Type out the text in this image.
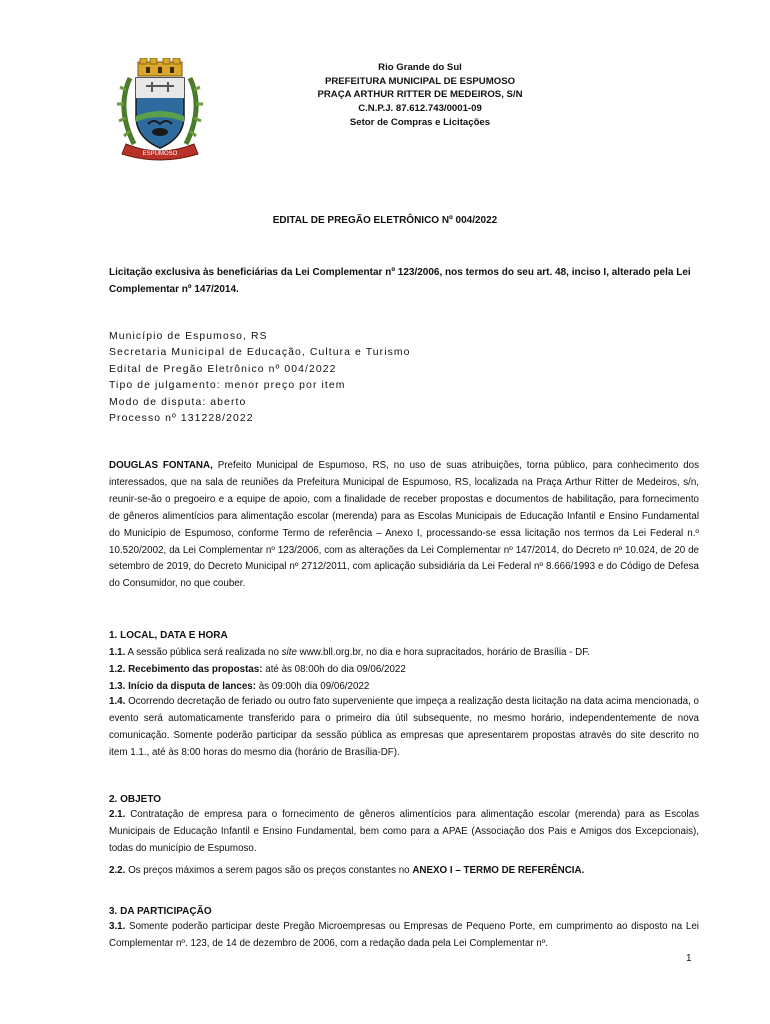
ESPUMOSO
Rio Grande do Sul
PREFEITURA MUNICIPAL DE ESPUMOSO
PRAÇA ARTHUR RITTER DE MEDEIROS, S/N
C.N.P.J. 87.612.743/0001-09
Setor de Compras e Licitações
EDITAL DE PREGÃO ELETRÔNICO Nº 004/2022
Licitação exclusiva às beneficiárias da Lei Complementar nº 123/2006, nos termos do seu art. 48, inciso I, alterado pela Lei Complementar nº 147/2014.
Município de Espumoso, RS
Secretaria Municipal de Educação, Cultura e Turismo
Edital de Pregão Eletrônico nº 004/2022
Tipo de julgamento: menor preço por item
Modo de disputa: aberto
Processo nº 131228/2022
DOUGLAS FONTANA, Prefeito Municipal de Espumoso, RS, no uso de suas atribuições, torna público, para conhecimento dos interessados, que na sala de reuniões da Prefeitura Municipal de Espumoso, RS, localizada na Praça Arthur Ritter de Medeiros, s/n, reunir-se-ão o pregoeiro e a equipe de apoio, com a finalidade de receber propostas e documentos de habilitação, para fornecimento de gêneros alimentícios para alimentação escolar (merenda) para as Escolas Municipais de Educação Infantil e Ensino Fundamental do Município de Espumoso, conforme Termo de referência – Anexo I, processando-se essa licitação nos termos da Lei Federal n.º 10.520/2002, da Lei Complementar nº 123/2006, com as alterações da Lei Complementar nº 147/2014, do Decreto nº 10.024, de 20 de setembro de 2019, do Decreto Municipal nº 2712/2011, com aplicação subsidiária da Lei Federal nº 8.666/1993 e do Código de Defesa do Consumidor, no que couber.
1. LOCAL, DATA E HORA
1.1. A sessão pública será realizada no site www.bll.org.br, no dia e hora supracitados, horário de Brasília - DF.
1.2. Recebimento das propostas: até às 08:00h do dia 09/06/2022
1.3. Início da disputa de lances: às 09:00h dia 09/06/2022
1.4. Ocorrendo decretação de feriado ou outro fato superveniente que impeça a realização desta licitação na data acima mencionada, o evento será automaticamente transferido para o primeiro dia útil subsequente, no mesmo horário, independentemente de nova comunicação. Somente poderão participar da sessão pública as empresas que apresentarem propostas através do site descrito no item 1.1., até às 8:00 horas do mesmo dia (horário de Brasília-DF).
2. OBJETO
2.1. Contratação de empresa para o fornecimento de gêneros alimentícios para alimentação escolar (merenda) para as Escolas Municipais de Educação Infantil e Ensino Fundamental, bem como para a APAE (Associação dos Pais e Amigos dos Excepcionais), todas do município de Espumoso.
2.2. Os preços máximos a serem pagos são os preços constantes no ANEXO I – TERMO DE REFERÊNCIA.
3. DA PARTICIPAÇÃO
3.1. Somente poderão participar deste Pregão Microempresas ou Empresas de Pequeno Porte, em cumprimento ao disposto na Lei Complementar nº. 123, de 14 de dezembro de 2006, com a redação dada pela Lei Complementar nº.
1
